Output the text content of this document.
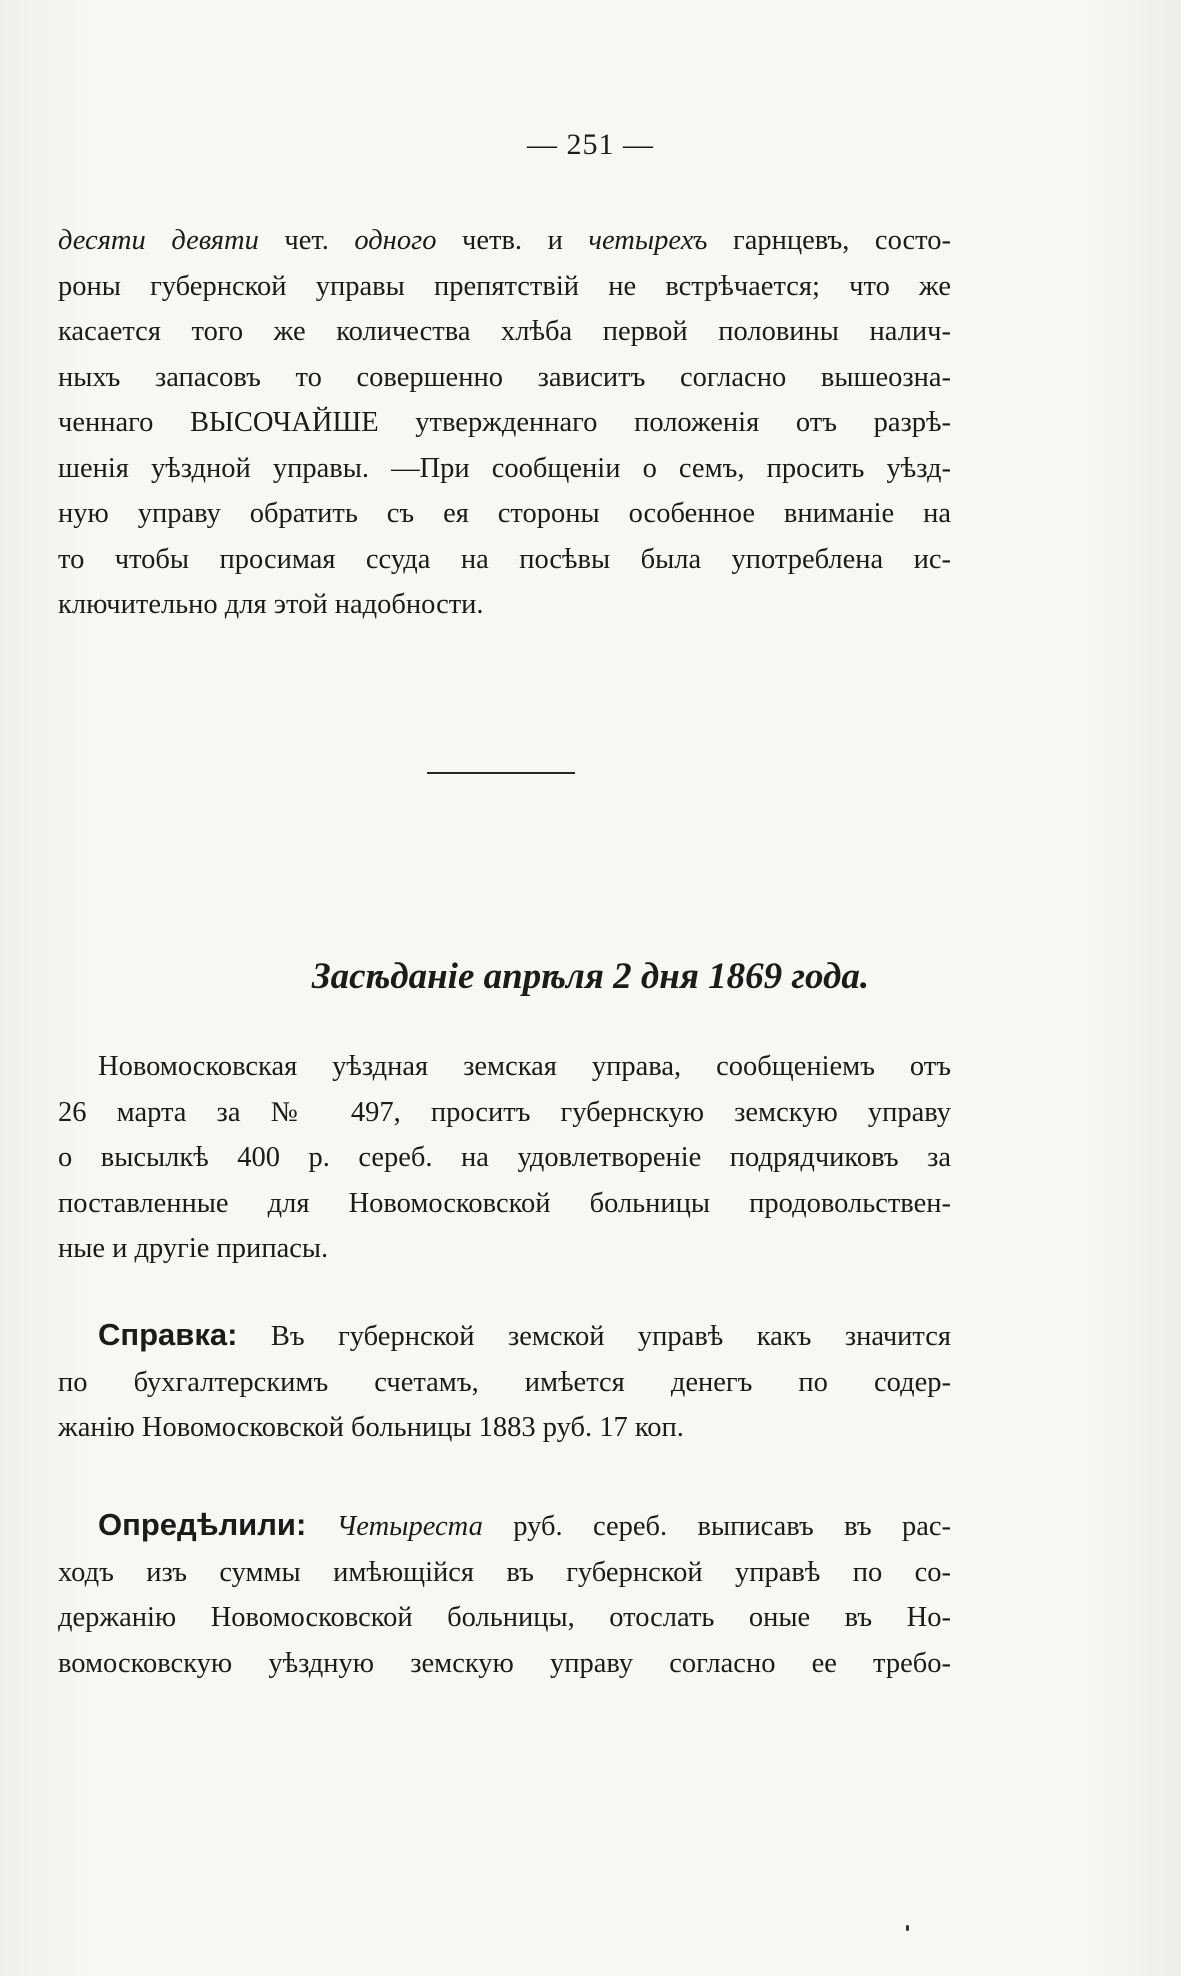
— 251 —
десяти девяти чет. одного четв. и четырехъ гарнцевъ, состо-
роны губернской управы препятствій не встрѣчается; что же
касается того же количества хлѣба первой половины налич-
ныхъ запасовъ то совершенно зависитъ согласно вышеозна-
ченнаго ВЫСОЧАЙШЕ утвержденнаго положенія отъ разрѣ-
шенія уѣздной управы. —При сообщеніи о семъ, просить уѣзд-
ную управу обратить съ ея стороны особенное вниманіе на
то чтобы просимая ссуда на посѣвы была употреблена ис-
ключительно для этой надобности.
Засѣданіе апрѣля 2 дня 1869 года.
Новомосковская уѣздная земская управа, сообщеніемъ отъ
26 марта за № 497, проситъ губернскую земскую управу
о высылкѣ 400 р. сереб. на удовлетвореніе подрядчиковъ за
поставленные для Новомосковской больницы продовольствен-
ные и другіе припасы.
Справка: Въ губернской земской управѣ какъ значится
по бухгалтерскимъ счетамъ, имѣется денегъ по содер-
жанію Новомосковской больницы 1883 руб. 17 коп.
Опредѣлили: Четыреста руб. сереб. выписавъ въ рас-
ходъ изъ суммы имѣющійся въ губернской управѣ по со-
держанію Новомосковской больницы, отослать оные въ Но-
вомосковскую уѣздную земскую управу согласно ее требо-
